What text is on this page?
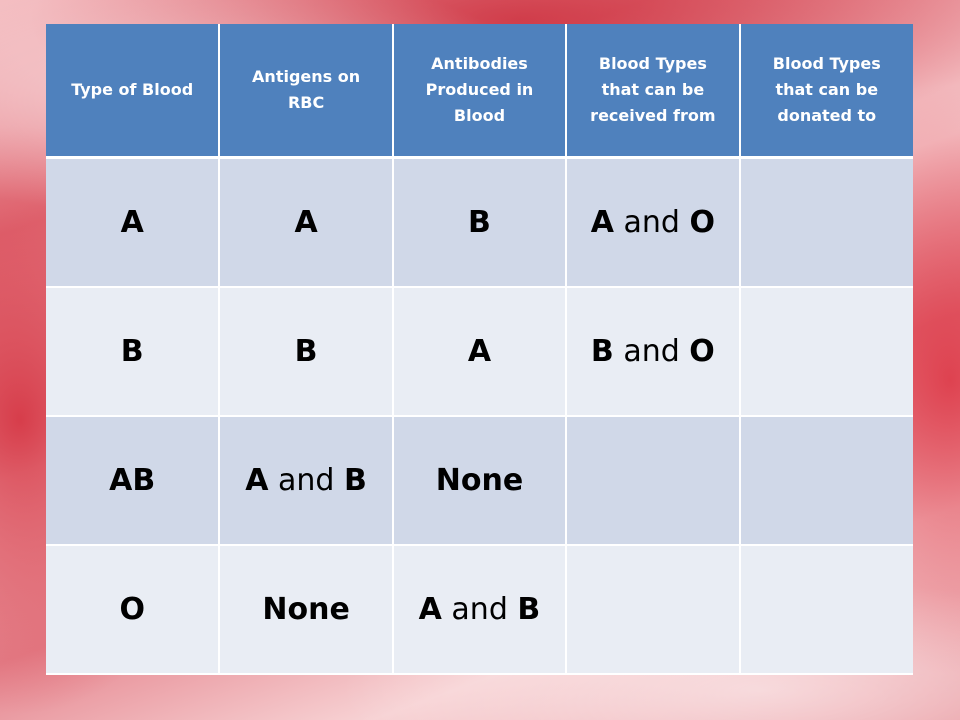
Type of Blood	Antigens on RBC	Antibodies Produced in Blood	Blood Types that can be received from	Blood Types that can be donated to
A	A	B	A and O	
B	B	A	B and O	
AB	A and B	None		
O	None	A and B		
